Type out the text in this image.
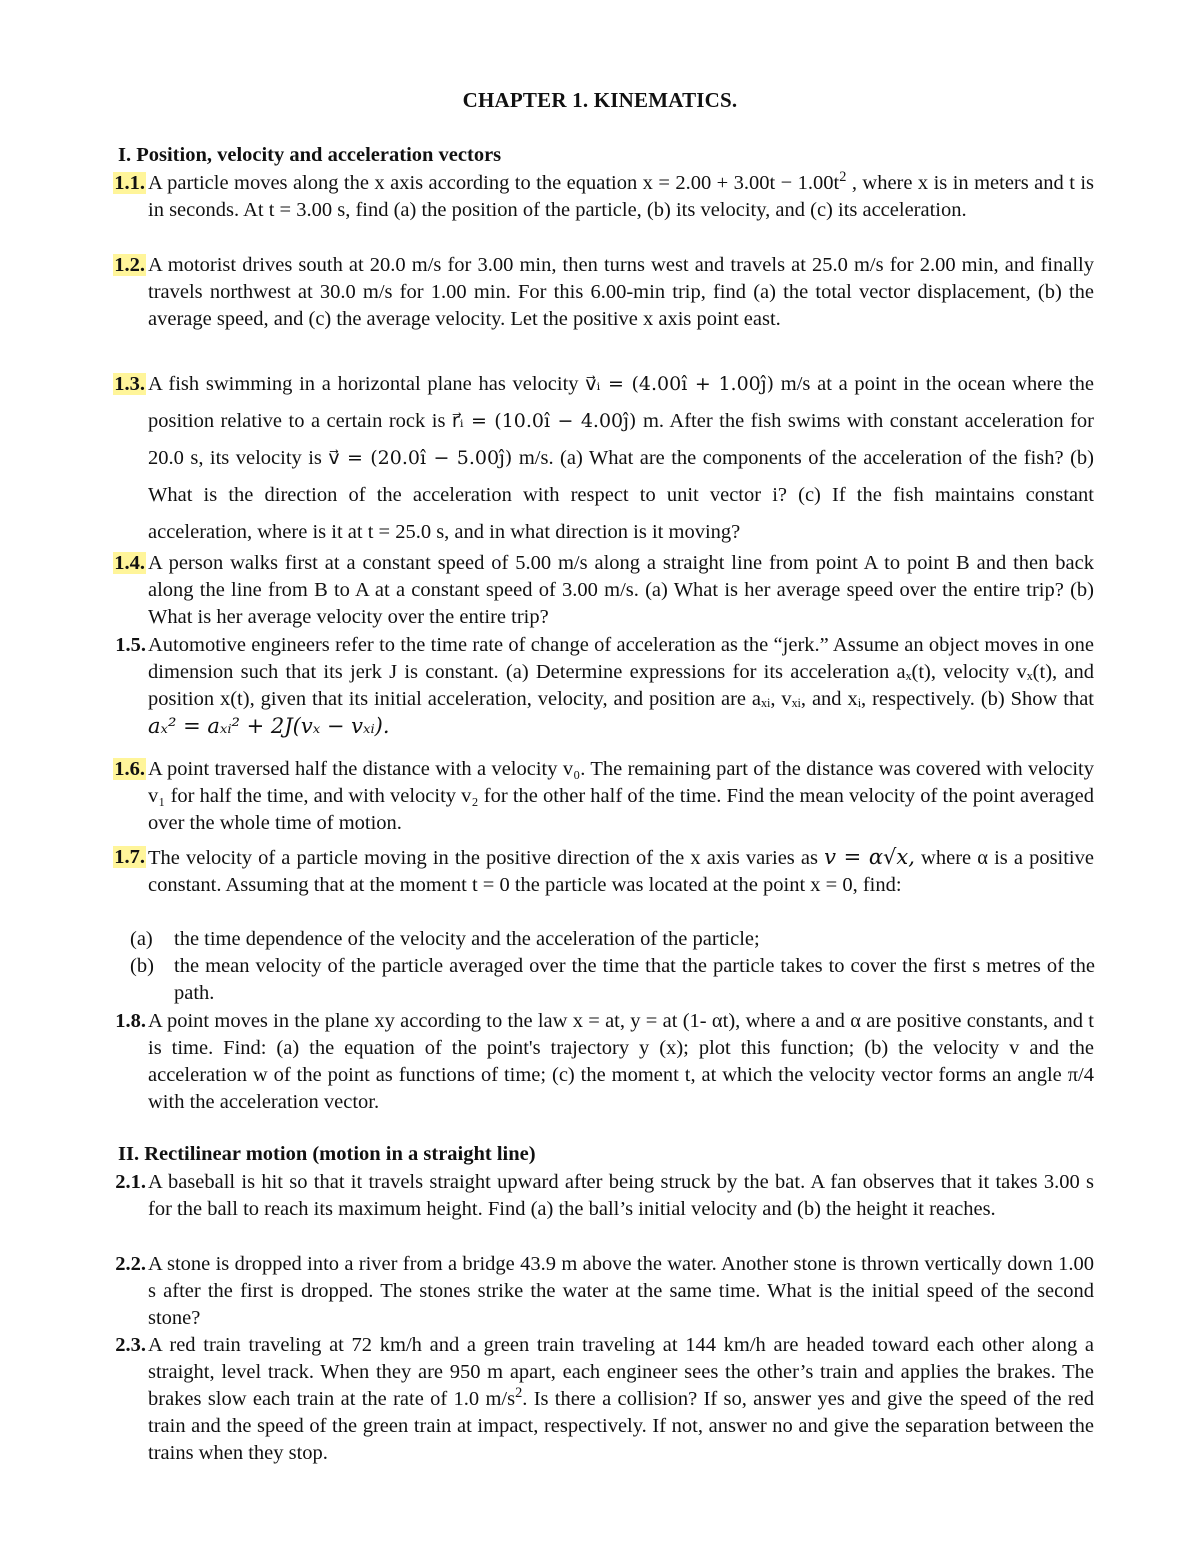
CHAPTER 1. KINEMATICS.
I. Position, velocity and acceleration vectors
1.1. A particle moves along the x axis according to the equation $x = 2.00 + 3.00t - 1.00t^2$ , where x is in meters and t is in seconds. At t = 3.00 s, find (a) the position of the particle, (b) its velocity, and (c) its acceleration.
1.2. A motorist drives south at 20.0 m/s for 3.00 min, then turns west and travels at 25.0 m/s for 2.00 min, and finally travels northwest at 30.0 m/s for 1.00 min. For this 6.00-min trip, find (a) the total vector displacement, (b) the average speed, and (c) the average velocity. Let the positive x axis point east.
1.3. A fish swimming in a horizontal plane has velocity v⃗ᵢ = (4.00î + 1.00ĵ) m/s at a point in the ocean where the position relative to a certain rock is r⃗ᵢ = (10.0î − 4.00ĵ) m. After the fish swims with constant acceleration for 20.0 s, its velocity is v⃗ = (20.0î − 5.00ĵ) m/s. (a) What are the components of the acceleration of the fish? (b) What is the direction of the acceleration with respect to unit vector i? (c) If the fish maintains constant acceleration, where is it at t = 25.0 s, and in what direction is it moving?
1.4. A person walks first at a constant speed of 5.00 m/s along a straight line from point A to point B and then back along the line from B to A at a constant speed of 3.00 m/s. (a) What is her average speed over the entire trip? (b) What is her average velocity over the entire trip?
1.5. Automotive engineers refer to the time rate of change of acceleration as the “jerk.” Assume an object moves in one dimension such that its jerk J is constant. (a) Determine expressions for its acceleration aₓ(t), velocity vₓ(t), and position x(t), given that its initial acceleration, velocity, and position are aₓᵢ, vₓᵢ, and xᵢ, respectively. (b) Show that aₓ² = aₓᵢ² + 2J(vₓ − vₓᵢ).
1.6. A point traversed half the distance with a velocity v₀. The remaining part of the distance was covered with velocity v₁ for half the time, and with velocity v₂ for the other half of the time. Find the mean velocity of the point averaged over the whole time of motion.
1.7. The velocity of a particle moving in the positive direction of the x axis varies as v = α√x, where α is a positive constant. Assuming that at the moment t = 0 the particle was located at the point x = 0, find:
(a)	the time dependence of the velocity and the acceleration of the particle;
(b) the mean velocity of the particle averaged over the time that the particle takes to cover the first s metres of the path.
1.8. A point moves in the plane xy according to the law x = at, y = at (1- αt), where a and α are positive constants, and t is time. Find: (a) the equation of the point's trajectory y (x); plot this function; (b) the velocity v and the acceleration w of the point as functions of time; (c) the moment t, at which the velocity vector forms an angle π/4 with the acceleration vector.
II. Rectilinear motion (motion in a straight line)
2.1. A baseball is hit so that it travels straight upward after being struck by the bat. A fan observes that it takes 3.00 s for the ball to reach its maximum height. Find (a) the ball’s initial velocity and (b) the height it reaches.
2.2. A stone is dropped into a river from a bridge 43.9 m above the water. Another stone is thrown vertically down 1.00 s after the first is dropped. The stones strike the water at the same time. What is the initial speed of the second stone?
2.3. A red train traveling at 72 km/h and a green train traveling at 144 km/h are headed toward each other along a straight, level track. When they are 950 m apart, each engineer sees the other’s train and applies the brakes. The brakes slow each train at the rate of 1.0 $m/s^2$. Is there a collision? If so, answer yes and give the speed of the red train and the speed of the green train at impact, respectively. If not, answer no and give the separation between the trains when they stop.
